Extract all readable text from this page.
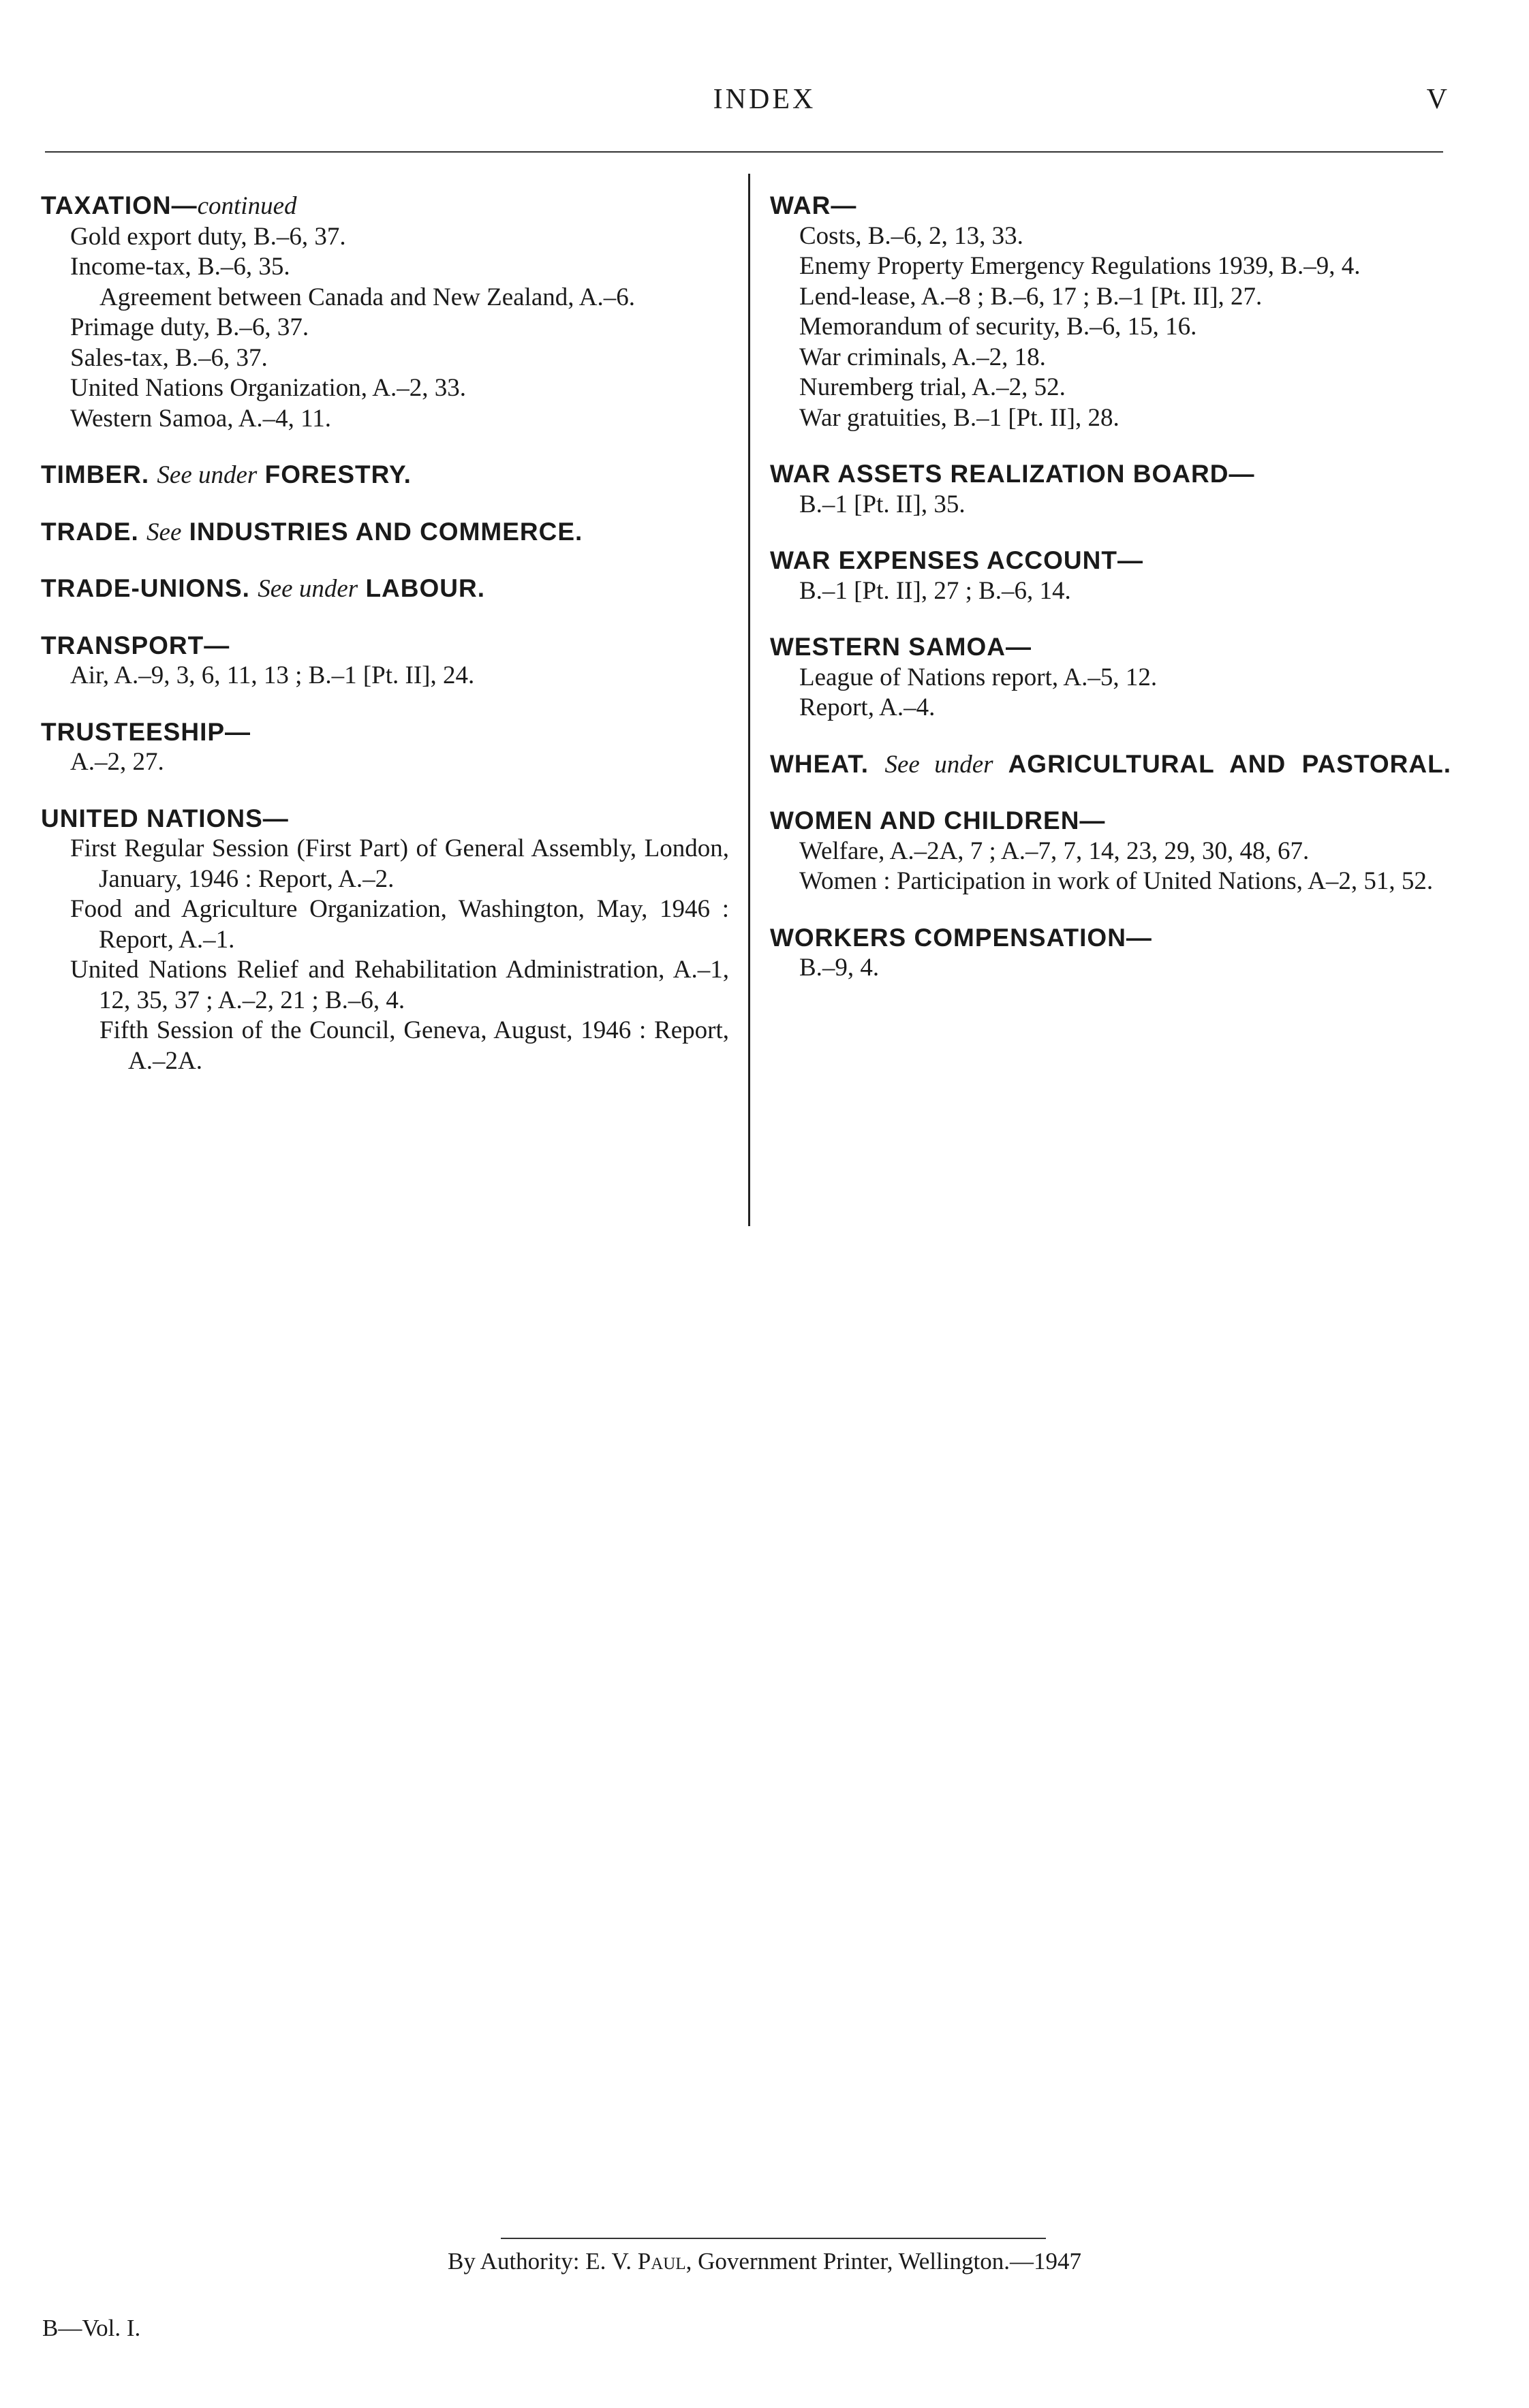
INDEX	V
TAXATION—continued
Gold export duty, B.–6, 37.
Income-tax, B.–6, 35.
Agreement between Canada and New Zealand, A.–6.
Primage duty, B.–6, 37.
Sales-tax, B.–6, 37.
United Nations Organization, A.–2, 33.
Western Samoa, A.–4, 11.
TIMBER. See under FORESTRY.
TRADE. See INDUSTRIES AND COMMERCE.
TRADE-UNIONS. See under LABOUR.
TRANSPORT—
Air, A.–9, 3, 6, 11, 13 ; B.–1 [Pt. II], 24.
TRUSTEESHIP—
A.–2, 27.
UNITED NATIONS—
First Regular Session (First Part) of General Assembly, London, January, 1946 : Report, A.–2.
Food and Agriculture Organization, Washington, May, 1946 : Report, A.–1.
United Nations Relief and Rehabilitation Administration, A.–1, 12, 35, 37 ; A.–2, 21 ; B.–6, 4.
Fifth Session of the Council, Geneva, August, 1946 : Report, A.–2A.
WAR—
Costs, B.–6, 2, 13, 33.
Enemy Property Emergency Regulations 1939, B.–9, 4.
Lend-lease, A.–8 ; B.–6, 17 ; B.–1 [Pt. II], 27.
Memorandum of security, B.–6, 15, 16.
War criminals, A.–2, 18.
Nuremberg trial, A.–2, 52.
War gratuities, B.–1 [Pt. II], 28.
WAR ASSETS REALIZATION BOARD—
B.–1 [Pt. II], 35.
WAR EXPENSES ACCOUNT—
B.–1 [Pt. II], 27 ; B.–6, 14.
WESTERN SAMOA—
League of Nations report, A.–5, 12.
Report, A.–4.
WHEAT. See under AGRICULTURAL AND PASTORAL.
WOMEN AND CHILDREN—
Welfare, A.–2A, 7 ; A.–7, 7, 14, 23, 29, 30, 48, 67.
Women : Participation in work of United Nations, A–2, 51, 52.
WORKERS COMPENSATION—
B.–9, 4.
By Authority: E. V. Paul, Government Printer, Wellington.—1947
B—Vol. I.
